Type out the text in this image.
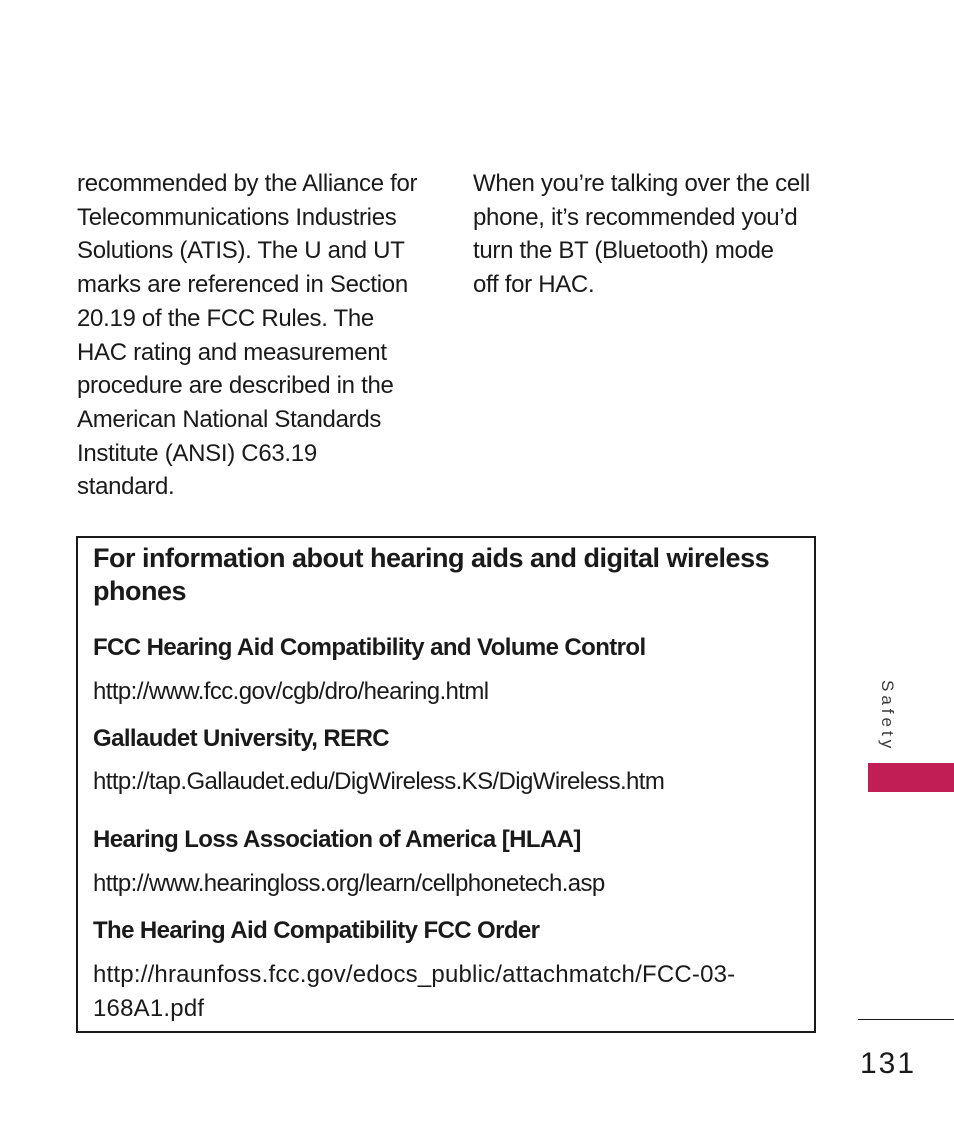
recommended by the Alliance for

Telecommunications Industries

Solutions (ATIS). The U and UT

marks are referenced in Section

20.19 of the FCC Rules. The

HAC rating and measurement

procedure are described in the

American National Standards

Institute (ANSI) C63.19

standard.

When you’re talking over the cell

phone, it’s recommended you’d

turn the BT (Bluetooth) mode

off for HAC.

For information about hearing aids and digital wireless phones
FCC Hearing Aid Compatibility and Volume Control

http://www.fcc.gov/cgb/dro/hearing.html

Gallaudet University, RERC

http://tap.Gallaudet.edu/DigWireless.KS/DigWireless.htm

Hearing Loss Association of America [HLAA]

http://www.hearingloss.org/learn/cellphonetech.asp

The Hearing Aid Compatibility FCC Order

http://hraunfoss.fcc.gov/edocs_public/attachmatch/FCC-03-168A1.pdf

Safety
131
